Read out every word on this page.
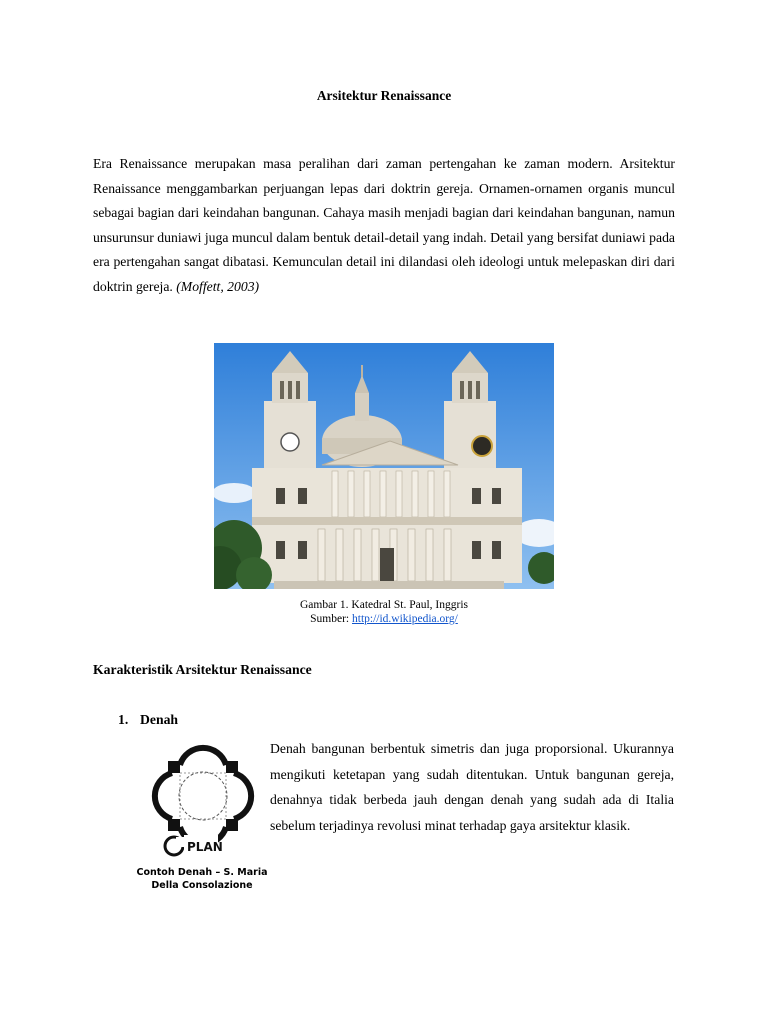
Arsitektur Renaissance

Era Renaissance merupakan masa peralihan dari zaman pertengahan ke zaman modern. Arsitektur Renaissance menggambarkan perjuangan lepas dari doktrin gereja. Ornamen-ornamen organis muncul sebagai bagian dari keindahan bangunan. Cahaya masih menjadi bagian dari keindahan bangunan, namun unsurunsur duniawi juga muncul dalam bentuk detail-detail yang indah. Detail yang bersifat duniawi pada era pertengahan sangat dibatasi. Kemunculan detail ini dilandasi oleh ideologi untuk melepaskan diri dari doktrin gereja. (Moffett, 2003)

Gambar 1. Katedral St. Paul, Inggris
Sumber: http://id.wikipedia.org/
Karakteristik Arsitektur Renaissance
1. Denah
PLAN
Contoh Denah – S. Maria
Della Consolazione

Denah bangunan berbentuk simetris dan juga proporsional. Ukurannya mengikuti ketetapan yang sudah ditentukan. Untuk bangunan gereja, denahnya tidak berbeda jauh dengan denah yang sudah ada di Italia sebelum terjadinya revolusi minat terhadap gaya arsitektur klasik.
